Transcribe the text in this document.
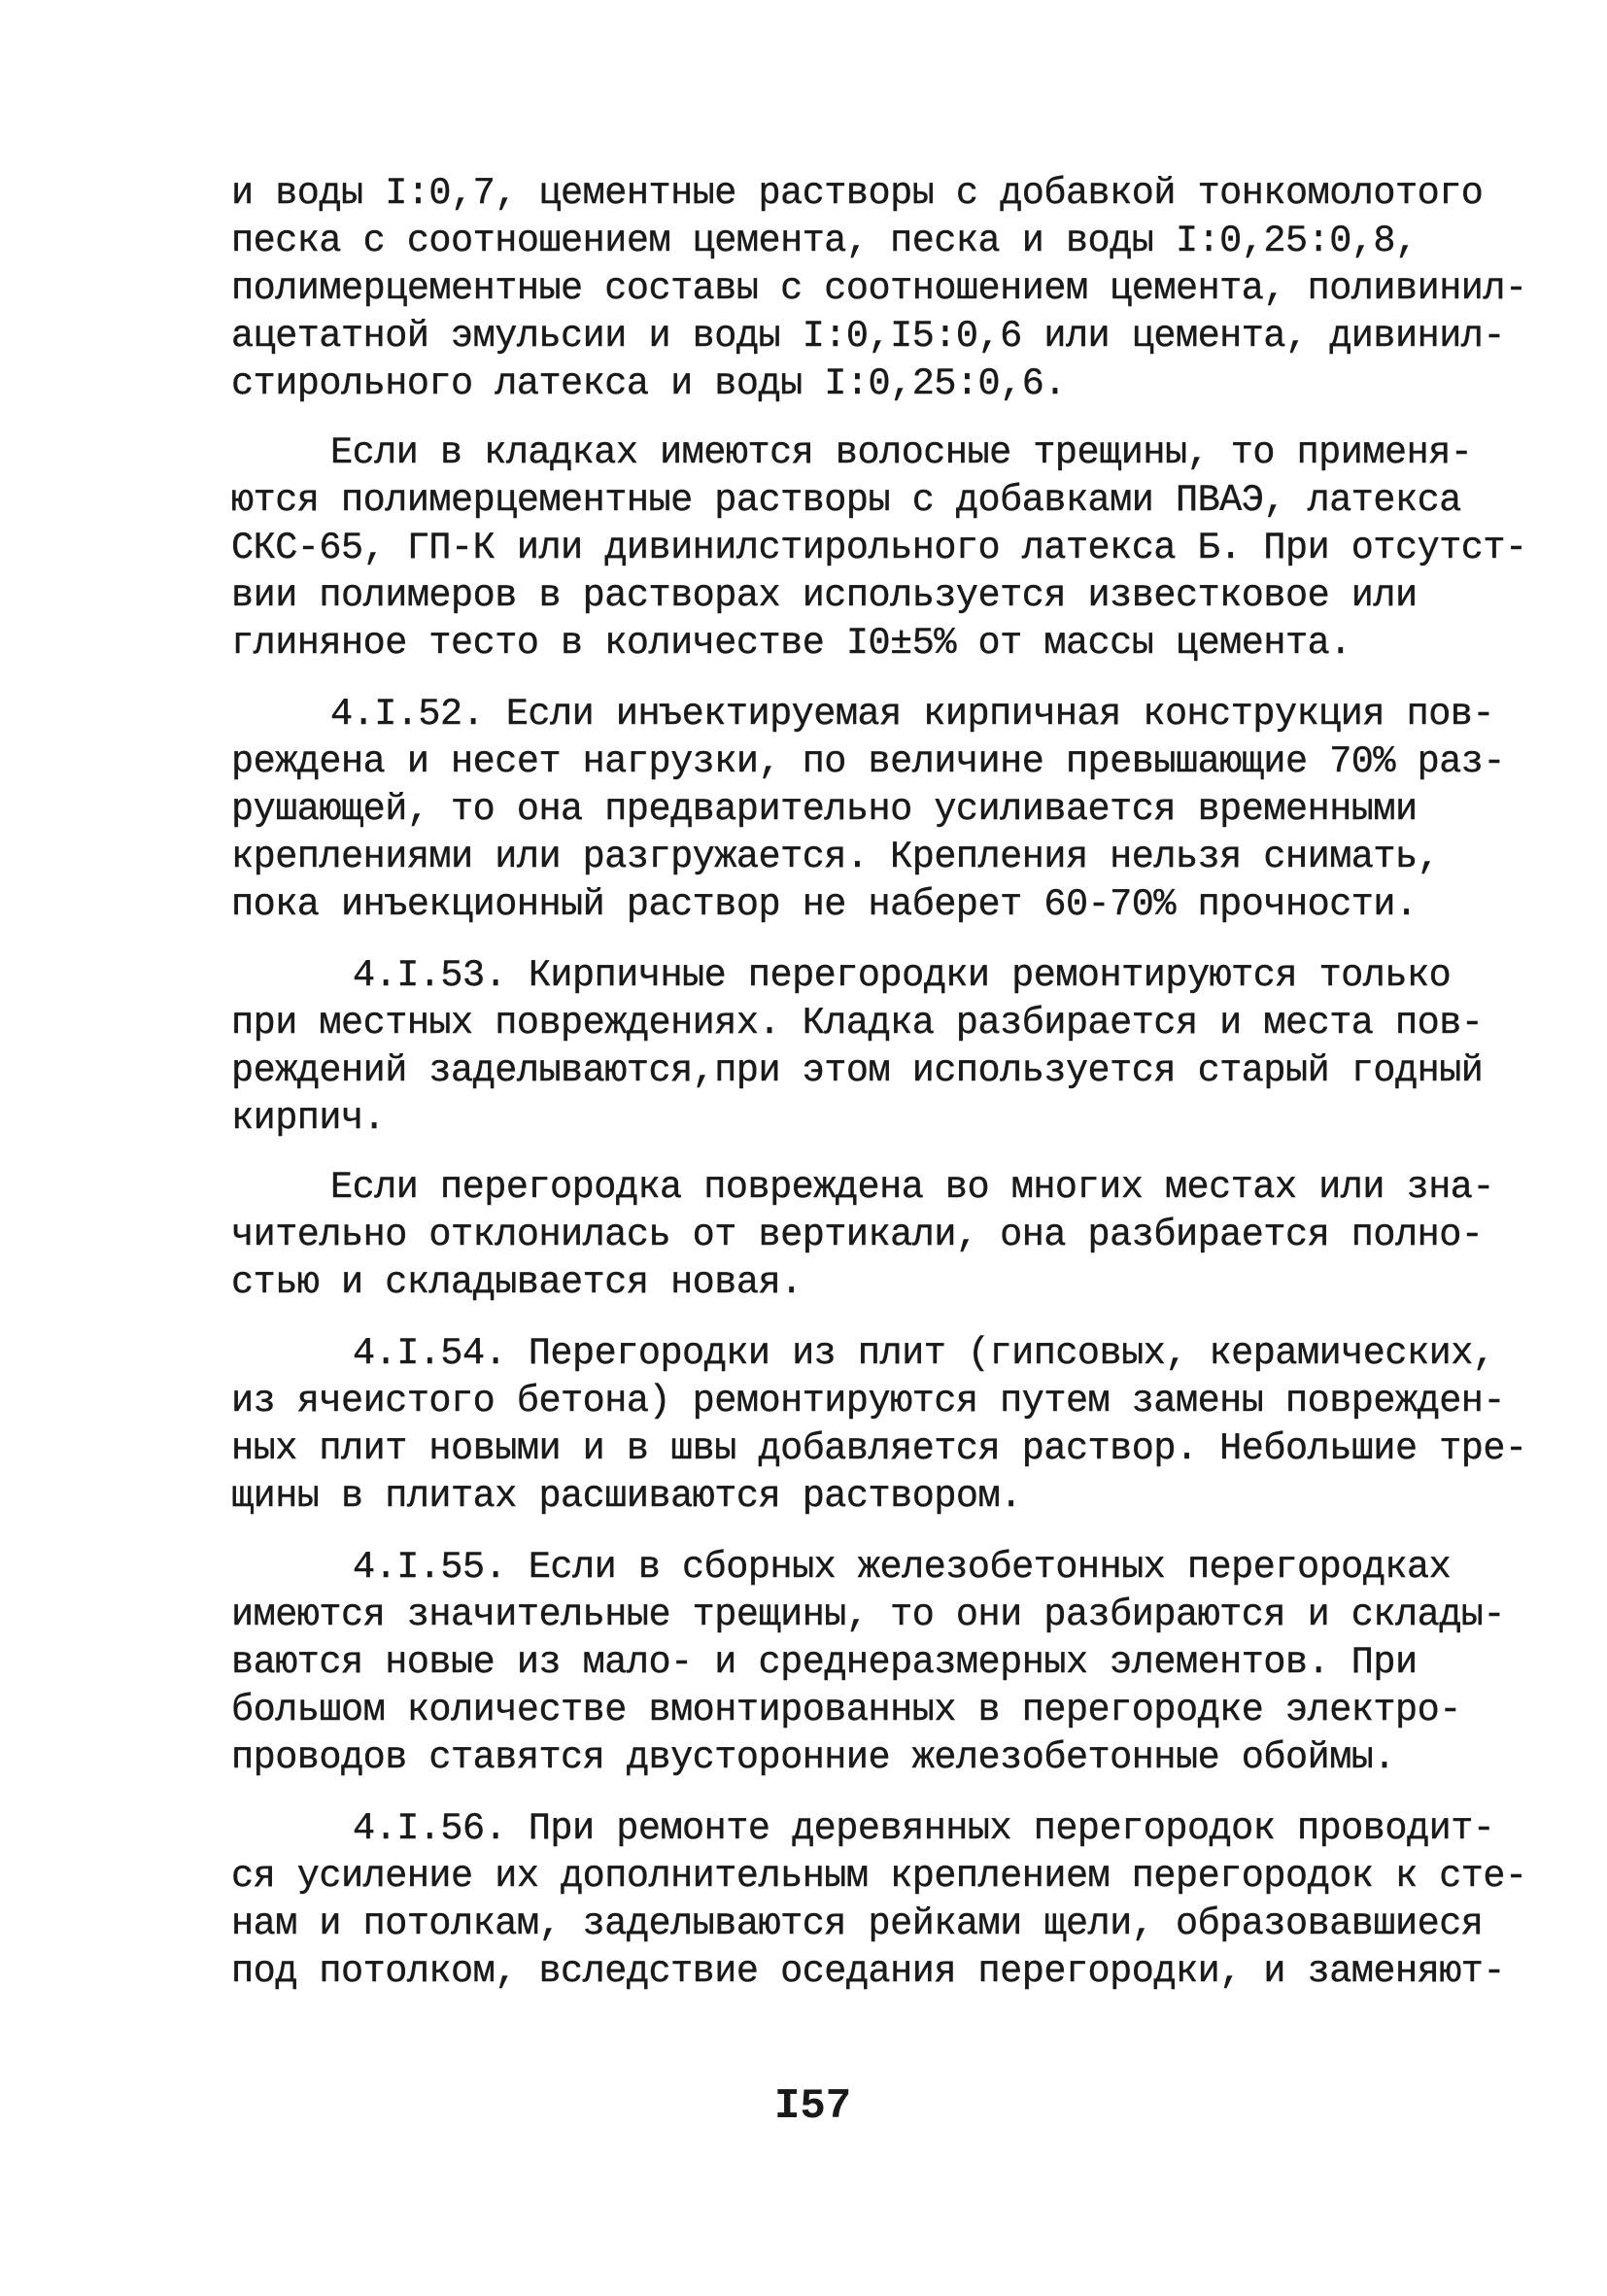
и воды I:0,7, цементные растворы с добавкой тонкомолотого
песка с соотношением цемента, песка и воды I:0,25:0,8,
полимерцементные составы с соотношением цемента, поливинил-
ацетатной эмульсии и воды I:0,I5:0,6 или цемента, дивинил-
стирольного латекса и воды I:0,25:0,6.
Если в кладках имеются волосные трещины, то применя-
ются полимерцементные растворы с добавками ПВАЭ, латекса
СКС-65, ГП-К или дивинилстирольного латекса Б. При отсутст-
вии полимеров в растворах используется известковое или
глиняное тесто в количестве I0±5% от массы цемента.
4.I.52. Если инъектируемая кирпичная конструкция пов-
реждена и несет нагрузки, по величине превышающие 70% раз-
рушающей, то она предварительно усиливается временными
креплениями или разгружается. Крепления нельзя снимать,
пока инъекционный раствор не наберет 60-70% прочности.
4.I.53. Кирпичные перегородки ремонтируются только
при местных повреждениях. Кладка разбирается и места пов-
реждений заделываются,при этом используется старый годный
кирпич.
Если перегородка повреждена во многих местах или зна-
чительно отклонилась от вертикали, она разбирается полно-
стью и складывается новая.
4.I.54. Перегородки из плит (гипсовых, керамических,
из ячеистого бетона) ремонтируются путем замены поврежден-
ных плит новыми и в швы добавляется раствор. Небольшие тре-
щины в плитах расшиваются раствором.
4.I.55. Если в сборных железобетонных перегородках
имеются значительные трещины, то они разбираются и склады-
ваются новые из мало- и среднеразмерных элементов. При
большом количестве вмонтированных в перегородке электро-
проводов ставятся двусторонние железобетонные обоймы.
4.I.56. При ремонте деревянных перегородок проводит-
ся усиление их дополнительным креплением перегородок к сте-
нам и потолкам, заделываются рейками щели, образовавшиеся
под потолком, вследствие оседания перегородки, и заменяют-
I57
